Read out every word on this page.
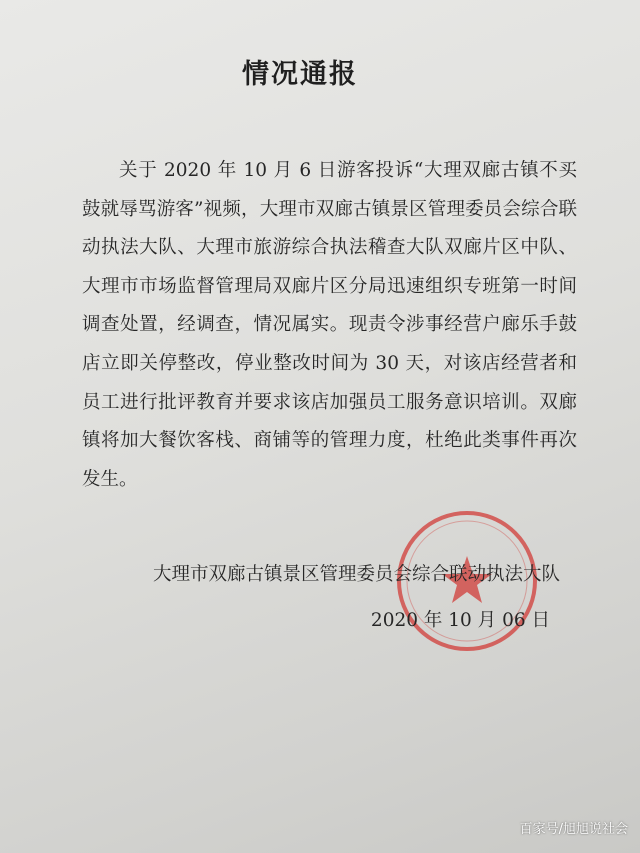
情况通报
关于 2020 年 10 月 6 日游客投诉“大理双廊古镇不买鼓就辱骂游客”视频，大理市双廊古镇景区管理委员会综合联动执法大队、大理市旅游综合执法稽查大队双廊片区中队、大理市市场监督管理局双廊片区分局迅速组织专班第一时间调查处置，经调查，情况属实。现责令涉事经营户廊乐手鼓店立即关停整改，停业整改时间为 30 天，对该店经营者和员工进行批评教育并要求该店加强员工服务意识培训。双廊镇将加大餐饮客栈、商铺等的管理力度，杜绝此类事件再次发生。
大理市双廊古镇景区管理委员会综合联动执法大队
2020 年 10 月 06 日
百家号/旭旭说社会
